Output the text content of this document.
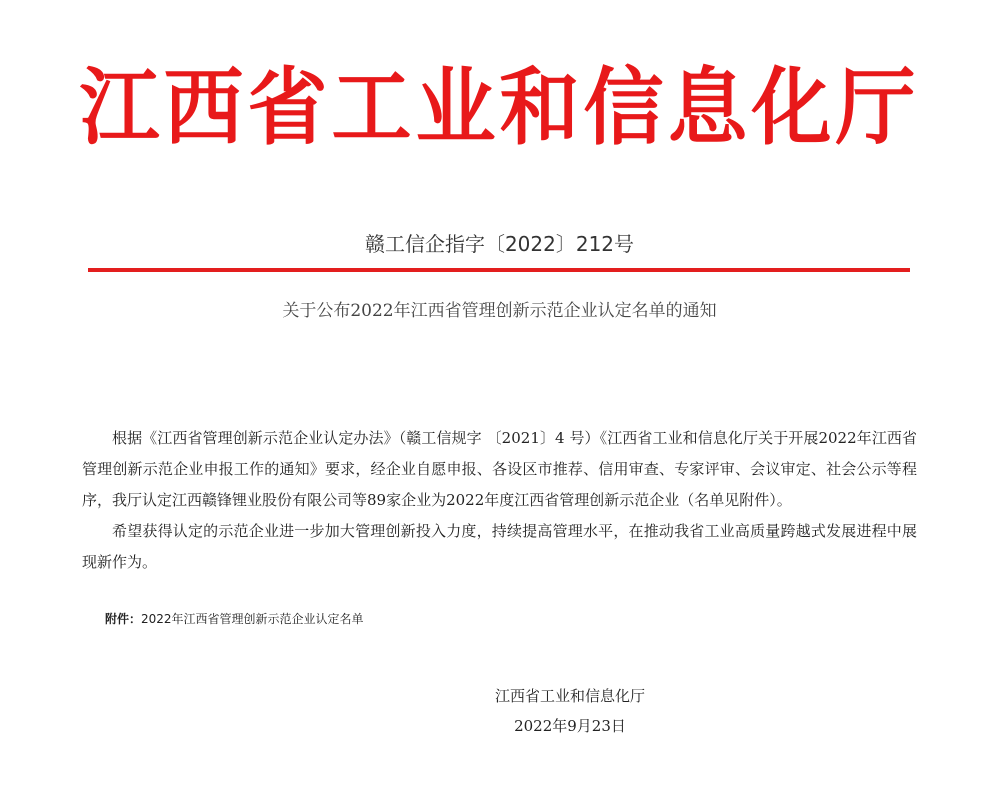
江西省工业和信息化厅
赣工信企指字〔2022〕212号
关于公布2022年江西省管理创新示范企业认定名单的通知

根据《江西省管理创新示范企业认定办法》（赣工信规字 〔2021〕4 号）《江西省工业和信息化厅关于开展2022年江西省管理创新示范企业申报工作的通知》要求，经企业自愿申报、各设区市推荐、信用审查、专家评审、会议审定、社会公示等程序，我厅认定江西赣锋锂业股份有限公司等89家企业为2022年度江西省管理创新示范企业（名单见附件）。

希望获得认定的示范企业进一步加大管理创新投入力度，持续提高管理水平，在推动我省工业高质量跨越式发展进程中展现新作为。

附件：2022年江西省管理创新示范企业认定名单
江西省工业和信息化厅
2022年9月23日
